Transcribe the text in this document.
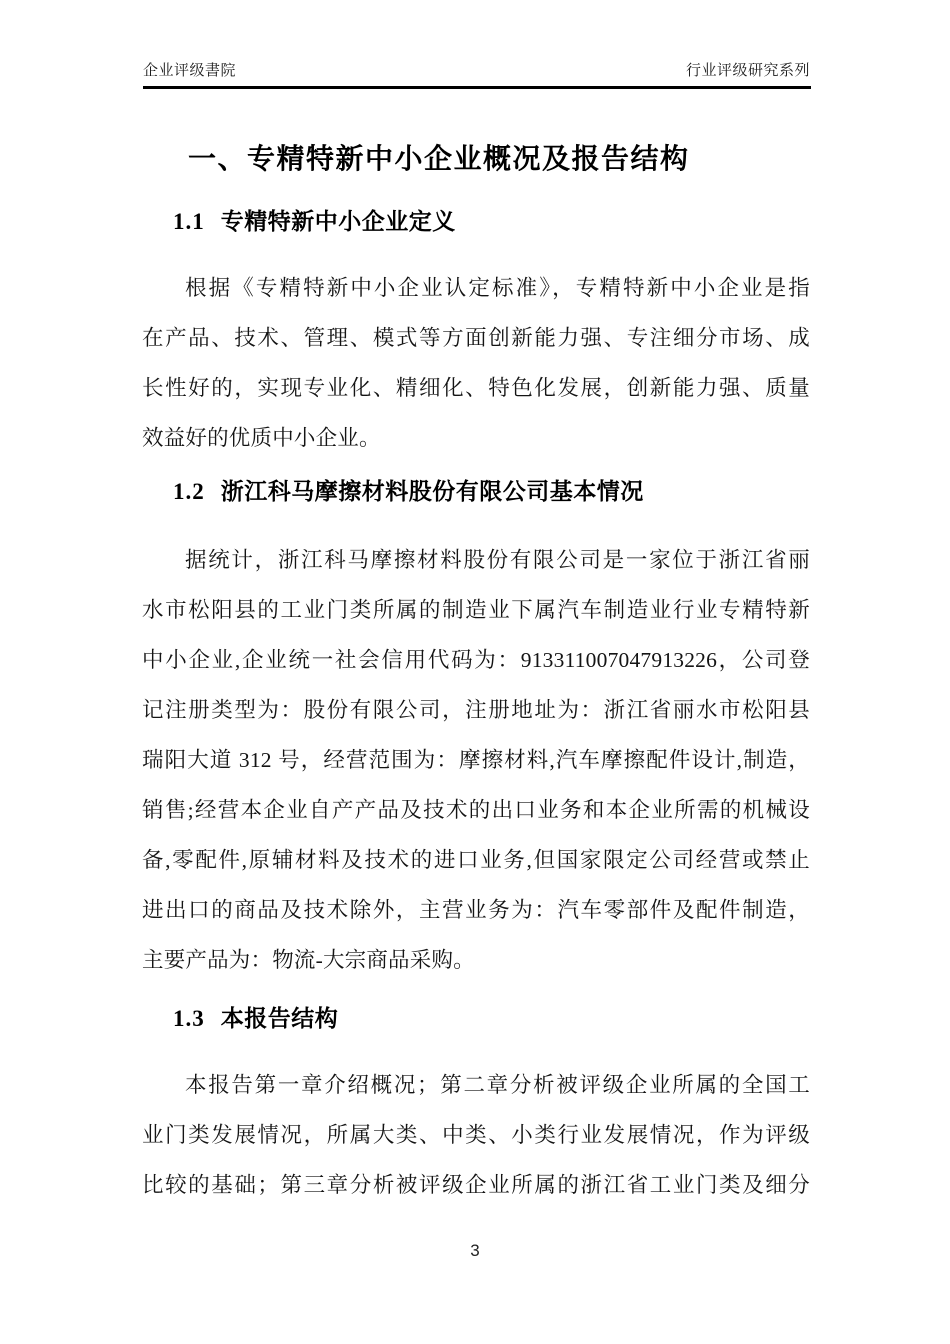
企业评级書院	行业评级研究系列
一、专精特新中小企业概况及报告结构
1.1 专精特新中小企业定义
根据《专精特新中小企业认定标准》，专精特新中小企业是指
在产品、技术、管理、模式等方面创新能力强、专注细分市场、成
长性好的，实现专业化、精细化、特色化发展，创新能力强、质量
效益好的优质中小企业。
1.2 浙江科马摩擦材料股份有限公司基本情况
据统计，浙江科马摩擦材料股份有限公司是一家位于浙江省丽
水市松阳县的工业门类所属的制造业下属汽车制造业行业专精特新
中小企业,企业统一社会信用代码为：913311007047913226，公司登
记注册类型为：股份有限公司，注册地址为：浙江省丽水市松阳县
瑞阳大道 312 号，经营范围为：摩擦材料,汽车摩擦配件设计,制造，
销售;经营本企业自产产品及技术的出口业务和本企业所需的机械设
备,零配件,原辅材料及技术的进口业务,但国家限定公司经营或禁止
进出口的商品及技术除外，主营业务为：汽车零部件及配件制造，
主要产品为：物流-大宗商品采购。
1.3 本报告结构
本报告第一章介绍概况；第二章分析被评级企业所属的全国工
业门类发展情况，所属大类、中类、小类行业发展情况，作为评级
比较的基础；第三章分析被评级企业所属的浙江省工业门类及细分
3
